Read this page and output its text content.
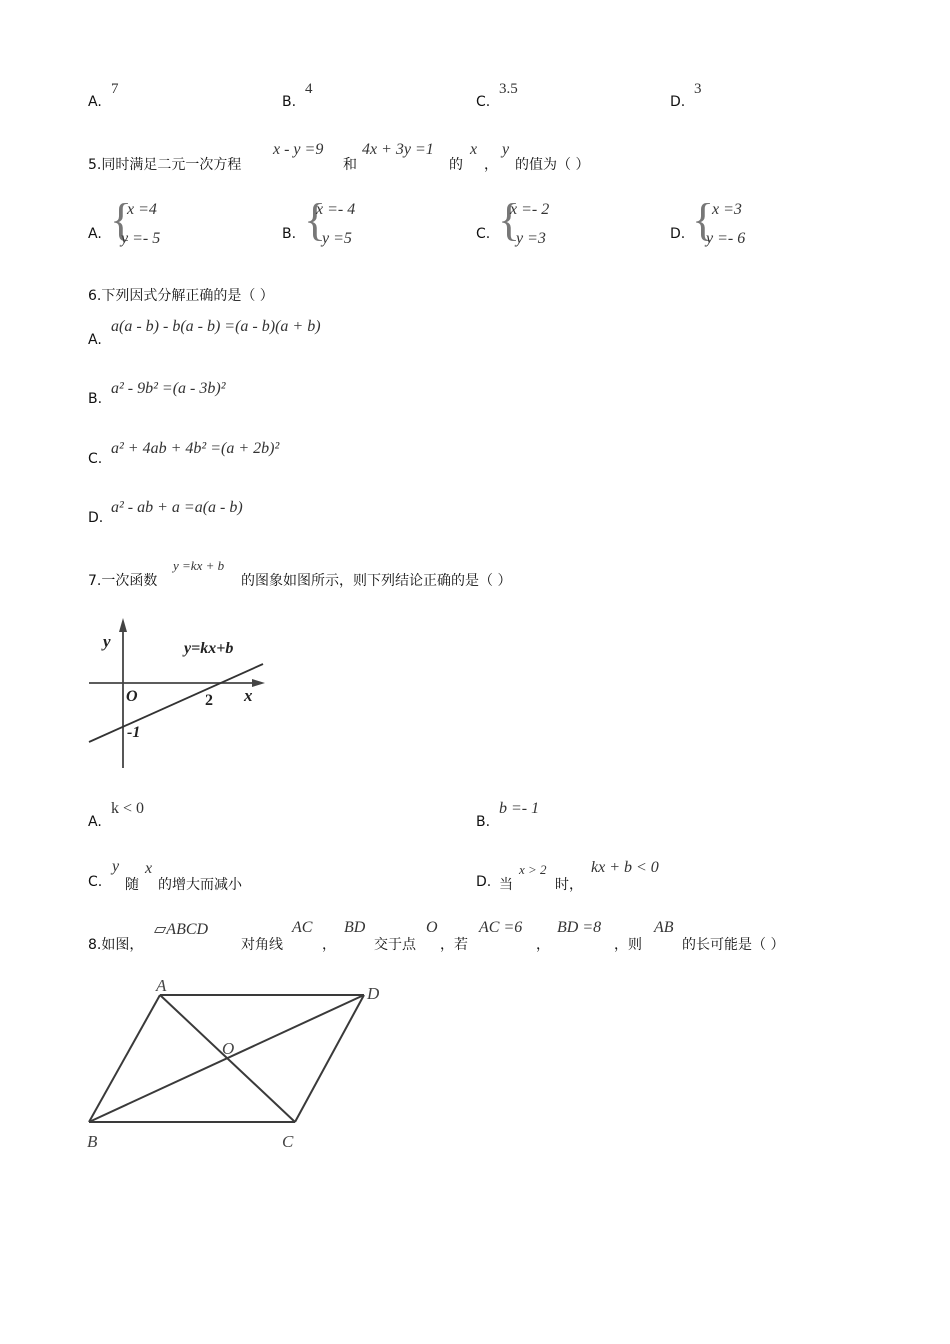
A.
7
B.
4
C.
3.5
D.
3
5.同时满足二元一次方程
x - y =9
和
4x + 3y =1
的
x
，
y
的值为（ ）
A. {
x =4
y =- 5	B. {
x =- 4
y =5	C. {
x =- 2
y =3	D. {
x =3
y =- 6
6.下列因式分解正确的是（ ）
A.
a(a - b) - b(a - b) =(a - b)(a + b)
B.
a² - 9b² =(a - 3b)²
C.
a² + 4ab + 4b² =(a + 2b)²
D.
a² - ab + a =a(a - b)
7.一次函数
y =kx + b
的图象如图所示，则下列结论正确的是（ ）
y
x
O
y=kx+b
2
-1
A.
k < 0
B.
b =- 1
C.
y
随
x
的增大而减小	D. 当
x > 2
时，
kx + b < 0
8.如图，
▱ABCD
对角线
AC
，
BD
交于点
O
，若
AC =6
，
BD =8
，则
AB
的长可能是（ ）
A	D
B	C
O
